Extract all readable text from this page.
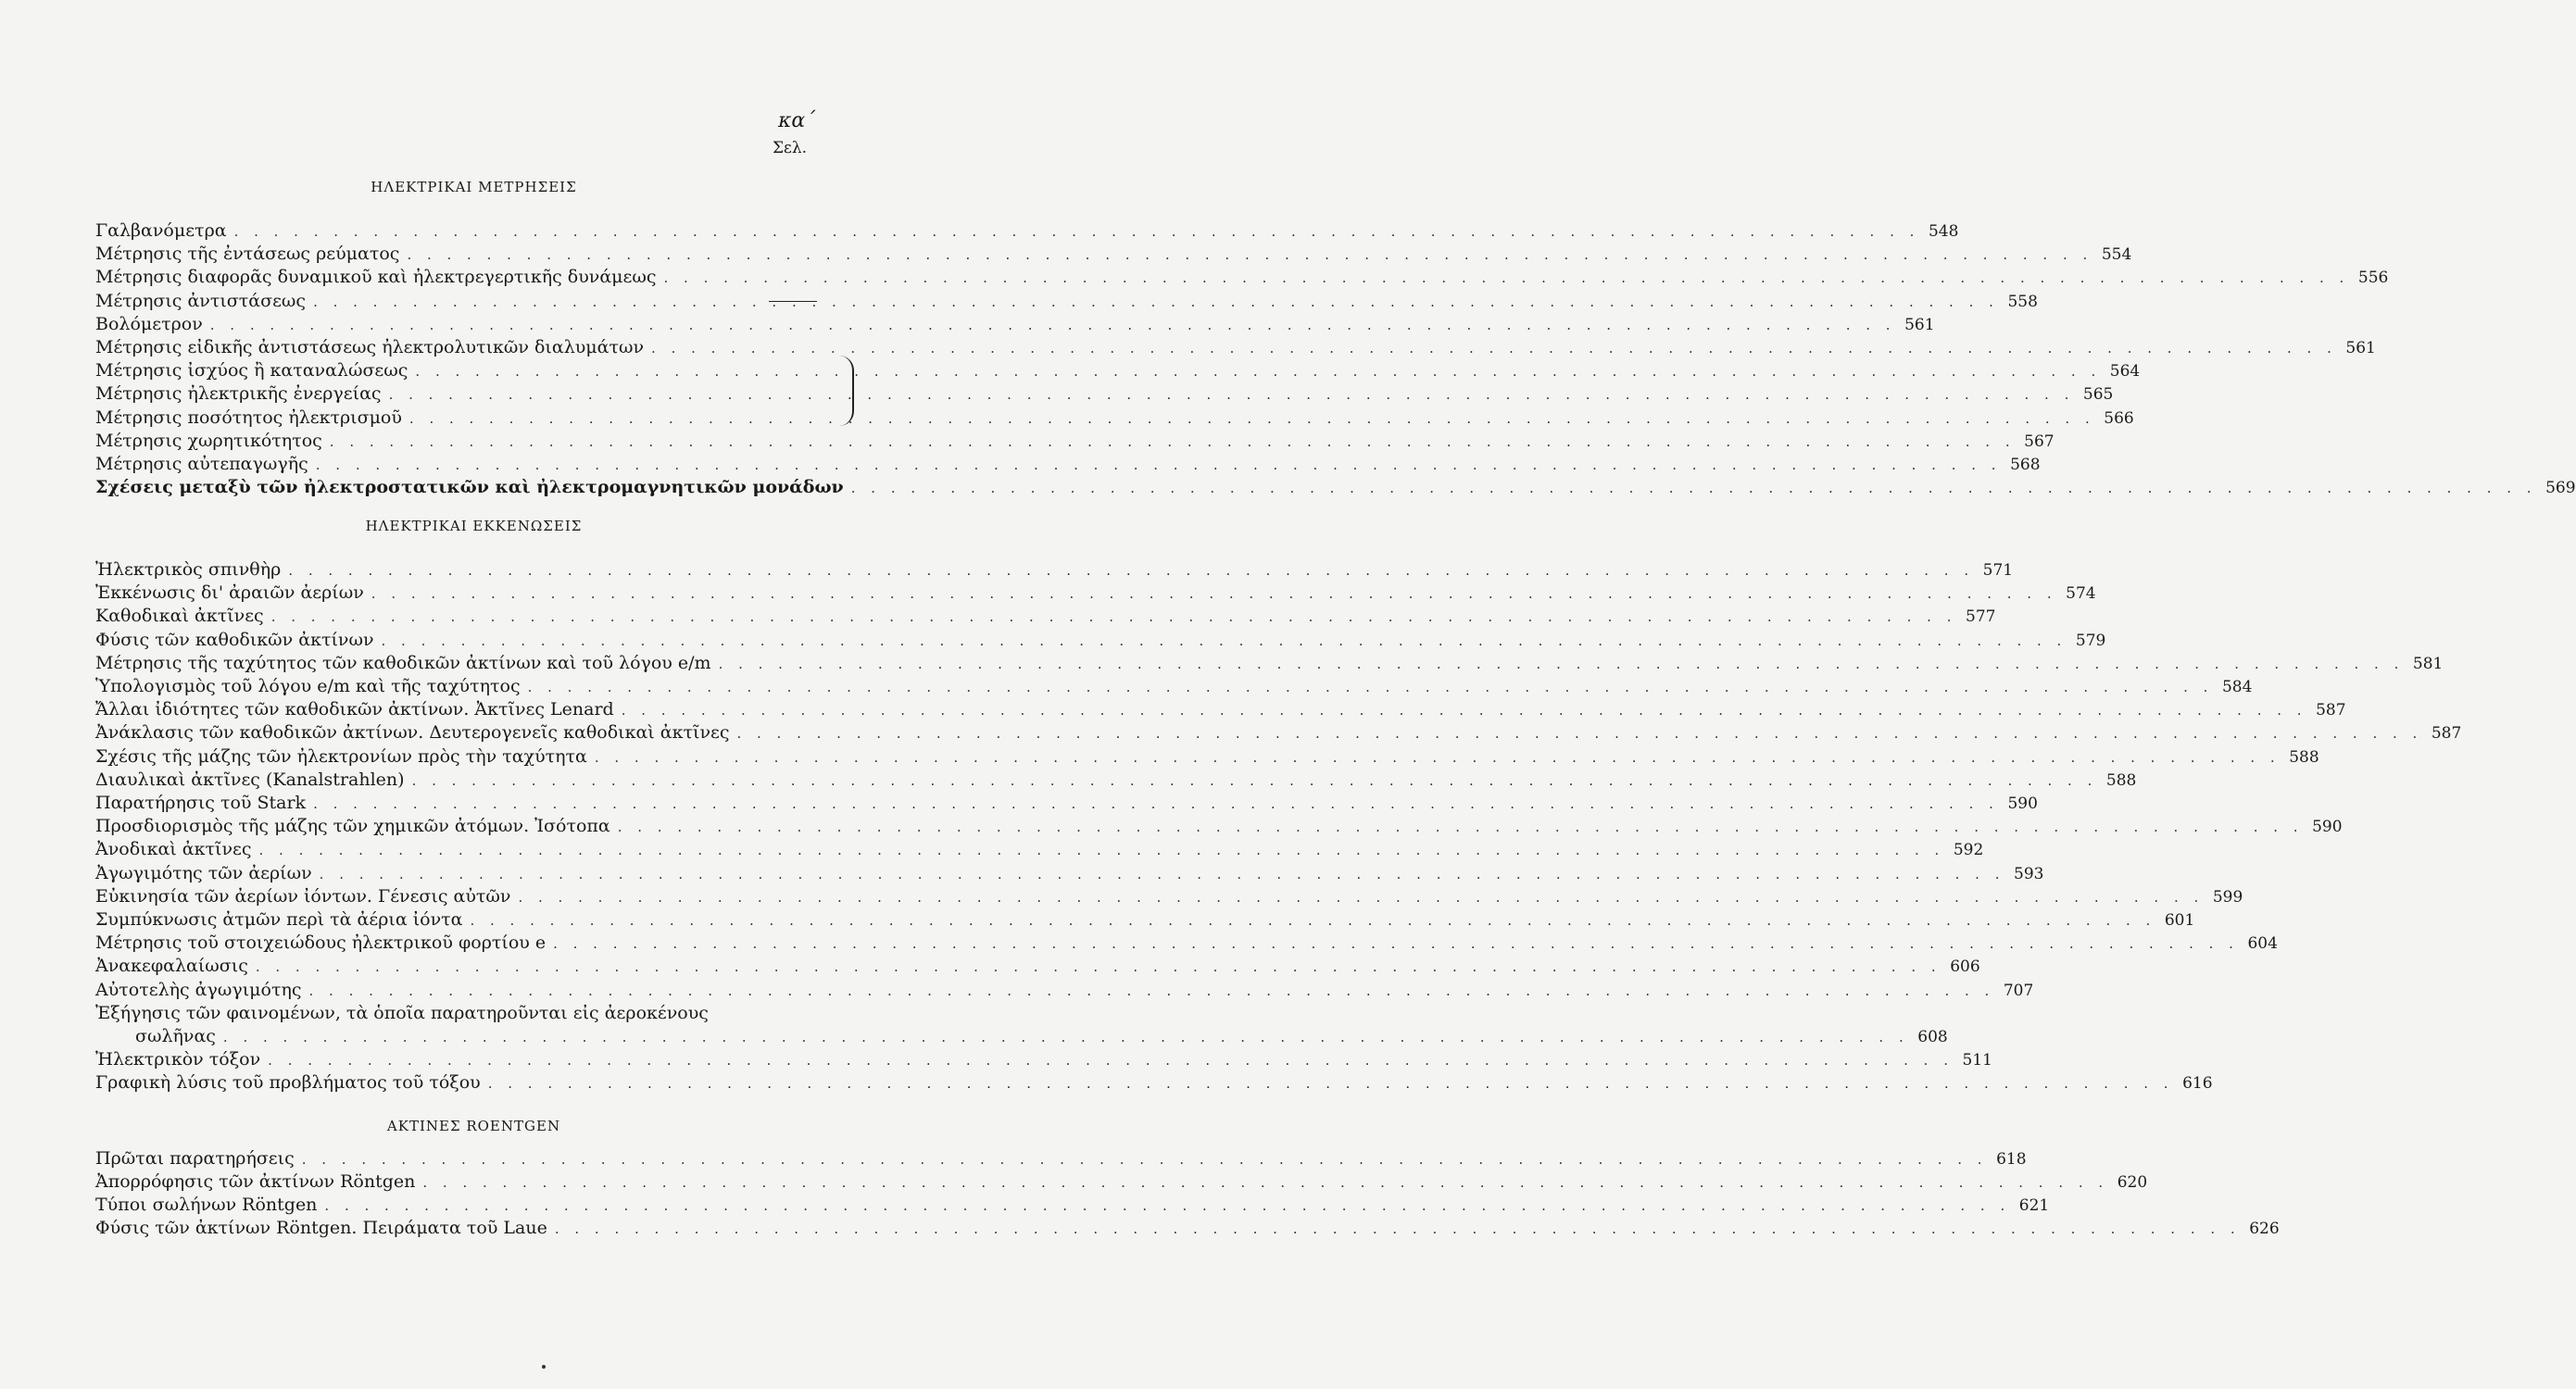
κα´
Σελ.
ΗΛΕΚΤΡΙΚΑΙ ΜΕΤΡΗΣΕΙΣ
ΗΛΕΚΤΡΙΚΑΙ ΕΚΚΕΝΩΣΕΙΣ
ΑΚΤΙΝΕΣ ROENTGEN
Γαλβανόμετρα . . .	548
Μέτρησις τῆς ἐντάσεως ρεύματος . . .	554
Μέτρησις διαφορᾶς δυναμικοῦ καὶ ἠλεκτρεγερτικῆς δυνάμεως . . .	556
Μέτρησις ἀντιστάσεως . . .	558
Βολόμετρον . . .	561
Μέτρησις εἰδικῆς ἀντιστάσεως ἠλεκτρολυτικῶν διαλυμάτων . . .	561
Μέτρησις ἰσχύος ἢ καταναλώσεως . . .	564
Μέτρησις ἠλεκτρικῆς ἐνεργείας . . .	565
Μέτρησις ποσότητος ἠλεκτρισμοῦ . . .	566
Μέτρησις χωρητικότητος . . .	567
Μέτρησις αὐτεπαγωγῆς . . .	568
Σχέσεις μεταξὺ τῶν ἠλεκτροστατικῶν καὶ ἠλεκτρομαγνητικῶν μονάδων . . .	569
Ἠλεκτρικὸς σπινθὴρ . . .	571
Ἐκκένωσις δι' ἀραιῶν ἀερίων . . .	574
Καθοδικαὶ ἀκτῖνες . . .	577
Φύσις τῶν καθοδικῶν ἀκτίνων . . .	579
Μέτρησις τῆς ταχύτητος τῶν καθοδικῶν ἀκτίνων καὶ τοῦ λόγου e/m . . .	581
Ὑπολογισμὸς τοῦ λόγου e/m καὶ τῆς ταχύτητος . . .	584
Ἄλλαι ἰδιότητες τῶν καθοδικῶν ἀκτίνων. Ἀκτῖνες Lenard . . .	587
Ἀνάκλασις τῶν καθοδικῶν ἀκτίνων. Δευτερογενεῖς καθοδικαὶ ἀκτῖνες . . .	587
Σχέσις τῆς μάζης τῶν ἠλεκτρονίων πρὸς τὴν ταχύτητα . . .	588
Διαυλικαὶ ἀκτῖνες (Kanalstrahlen) . . .	588
Παρατήρησις τοῦ Stark . . .	590
Προσδιορισμὸς τῆς μάζης τῶν χημικῶν ἀτόμων. Ἰσότοπα . . .	590
Ἀνοδικαὶ ἀκτῖνες . . .	592
Ἀγωγιμότης τῶν ἀερίων . . .	593
Εὐκινησία τῶν ἀερίων ἰόντων. Γένεσις αὐτῶν . . .	599
Συμπύκνωσις ἀτμῶν περὶ τὰ ἀέρια ἰόντα . . .	601
Μέτρησις τοῦ στοιχειώδους ἠλεκτρικοῦ φορτίου e . . .	604
Ἀνακεφαλαίωσις . . .	606
Αὐτοτελὴς ἀγωγιμότης . . .	707
Ἐξήγησις τῶν φαινομένων, τὰ ὁποῖα παρατηροῦνται εἰς ἀεροκένους
σωλῆνας . . .	608
Ἠλεκτρικὸν τόξον . . .	511
Γραφικὴ λύσις τοῦ προβλήματος τοῦ τόξου . . .	616
Πρῶται παρατηρήσεις . . .	618
Ἀπορρόφησις τῶν ἀκτίνων Röntgen . . .	620
Τύποι σωλήνων Röntgen . . .	621
Φύσις τῶν ἀκτίνων Röntgen. Πειράματα τοῦ Laue . . .	626
